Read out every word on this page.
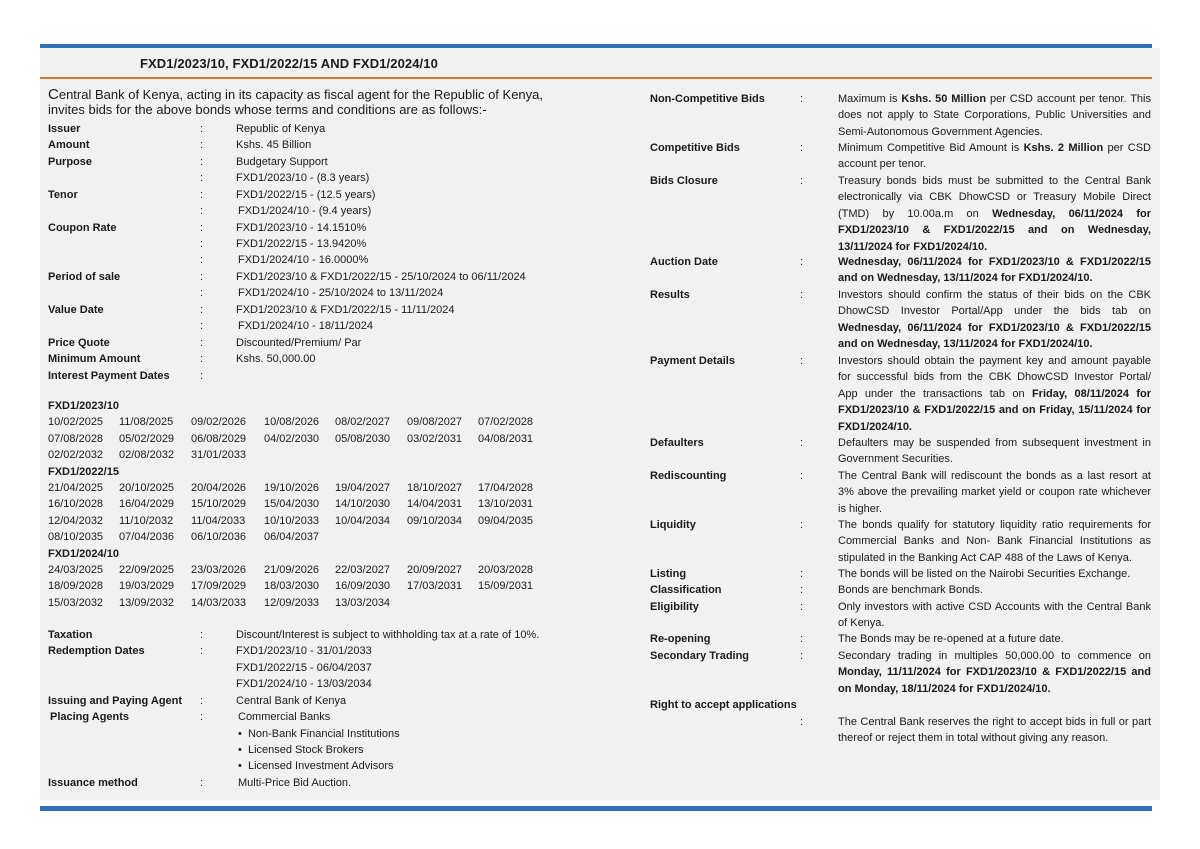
FXD1/2023/10, FXD1/2022/15 AND FXD1/2024/10
Central Bank of Kenya, acting in its capacity as fiscal agent for the Republic of Kenya, invites bids for the above bonds whose terms and conditions are as follows:-
Issuer	:	Republic of Kenya
Amount	:	Kshs. 45 Billion
Purpose	:	Budgetary Support
:	FXD1/2023/10 - (8.3 years)
Tenor	:	FXD1/2022/15 - (12.5 years)
:	FXD1/2024/10 - (9.4 years)
Coupon Rate	:	FXD1/2023/10 - 14.1510%
:	FXD1/2022/15 - 13.9420%
:	FXD1/2024/10 - 16.0000%
Period of sale	:	FXD1/2023/10 & FXD1/2022/15 - 25/10/2024 to 06/11/2024
:	FXD1/2024/10 - 25/10/2024 to 13/11/2024
Value Date	:	FXD1/2023/10 & FXD1/2022/15 - 11/11/2024
:	FXD1/2024/10 - 18/11/2024
Price Quote	:	Discounted/Premium/ Par
Minimum Amount	:	Kshs. 50,000.00
Interest Payment Dates	:
FXD1/2023/10
10/02/2025 11/08/2025 09/02/2026 10/08/2026 08/02/2027 09/08/2027 07/02/2028
07/08/2028 05/02/2029 06/08/2029 04/02/2030 05/08/2030 03/02/2031 04/08/2031
02/02/2032 02/08/2032 31/01/2033
FXD1/2022/15
21/04/2025 20/10/2025 20/04/2026 19/10/2026 19/04/2027 18/10/2027 17/04/2028
16/10/2028 16/04/2029 15/10/2029 15/04/2030 14/10/2030 14/04/2031 13/10/2031
12/04/2032 11/10/2032 11/04/2033 10/10/2033 10/04/2034 09/10/2034 09/04/2035
08/10/2035 07/04/2036 06/10/2036 06/04/2037
FXD1/2024/10
24/03/2025 22/09/2025 23/03/2026 21/09/2026 22/03/2027 20/09/2027 20/03/2028
18/09/2028 19/03/2029 17/09/2029 18/03/2030 16/09/2030 17/03/2031 15/09/2031
15/03/2032 13/09/2032 14/03/2033 12/09/2033 13/03/2034
Taxation	:	Discount/Interest is subject to withholding tax at a rate of 10%.
Redemption Dates	:	FXD1/2023/10 - 31/01/2033
FXD1/2022/15 - 06/04/2037
FXD1/2024/10 - 13/03/2034
Issuing and Paying Agent :	Central Bank of Kenya
Placing Agents	:	Commercial Banks
•  Non-Bank Financial Institutions
•  Licensed Stock Brokers
•  Licensed Investment Advisors
Issuance method	:	Multi-Price Bid Auction.
Non-Competitive Bids	:	Maximum is Kshs. 50 Million per CSD account per tenor. This does not apply to State Corporations, Public Universities and Semi-Autonomous Government Agencies.
Competitive Bids	:	Minimum Competitive Bid Amount is Kshs. 2 Million per CSD account per tenor.
Bids Closure	:	Treasury bonds bids must be submitted to the Central Bank electronically via CBK DhowCSD or Treasury Mobile Direct (TMD) by 10.00a.m on Wednesday, 06/11/2024 for FXD1/2023/10 & FXD1/2022/15 and on Wednesday, 13/11/2024 for FXD1/2024/10.
Auction Date	:	Wednesday, 06/11/2024 for FXD1/2023/10 & FXD1/2022/15 and on Wednesday, 13/11/2024 for FXD1/2024/10.
Results	:	Investors should confirm the status of their bids on the CBK DhowCSD Investor Portal/App under the bids tab on Wednesday, 06/11/2024 for FXD1/2023/10 & FXD1/2022/15 and on Wednesday, 13/11/2024 for FXD1/2024/10.
Payment Details	:	Investors should obtain the payment key and amount payable for successful bids from the CBK DhowCSD Investor Portal/ App under the transactions tab on Friday, 08/11/2024 for FXD1/2023/10 & FXD1/2022/15 and on Friday, 15/11/2024 for FXD1/2024/10.
Defaulters	:	Defaulters may be suspended from subsequent investment in Government Securities.
Rediscounting	:	The Central Bank will rediscount the bonds as a last resort at 3% above the prevailing market yield or coupon rate whichever is higher.
Liquidity	:	The bonds qualify for statutory liquidity ratio requirements for Commercial Banks and Non- Bank Financial Institutions as stipulated in the Banking Act CAP 488 of the Laws of Kenya.
Listing	:	The bonds will be listed on the Nairobi Securities Exchange.
Classification	:	Bonds are benchmark Bonds.
Eligibility	:	Only investors with active CSD Accounts with the Central Bank of Kenya.
Re-opening	:	The Bonds may be re-opened at a future date.
Secondary Trading	:	Secondary trading in multiples 50,000.00 to commence on Monday, 11/11/2024 for FXD1/2023/10 & FXD1/2022/15 and on Monday, 18/11/2024 for FXD1/2024/10.
Right to accept applications
:	The Central Bank reserves the right to accept bids in full or part thereof or reject them in total without giving any reason.
